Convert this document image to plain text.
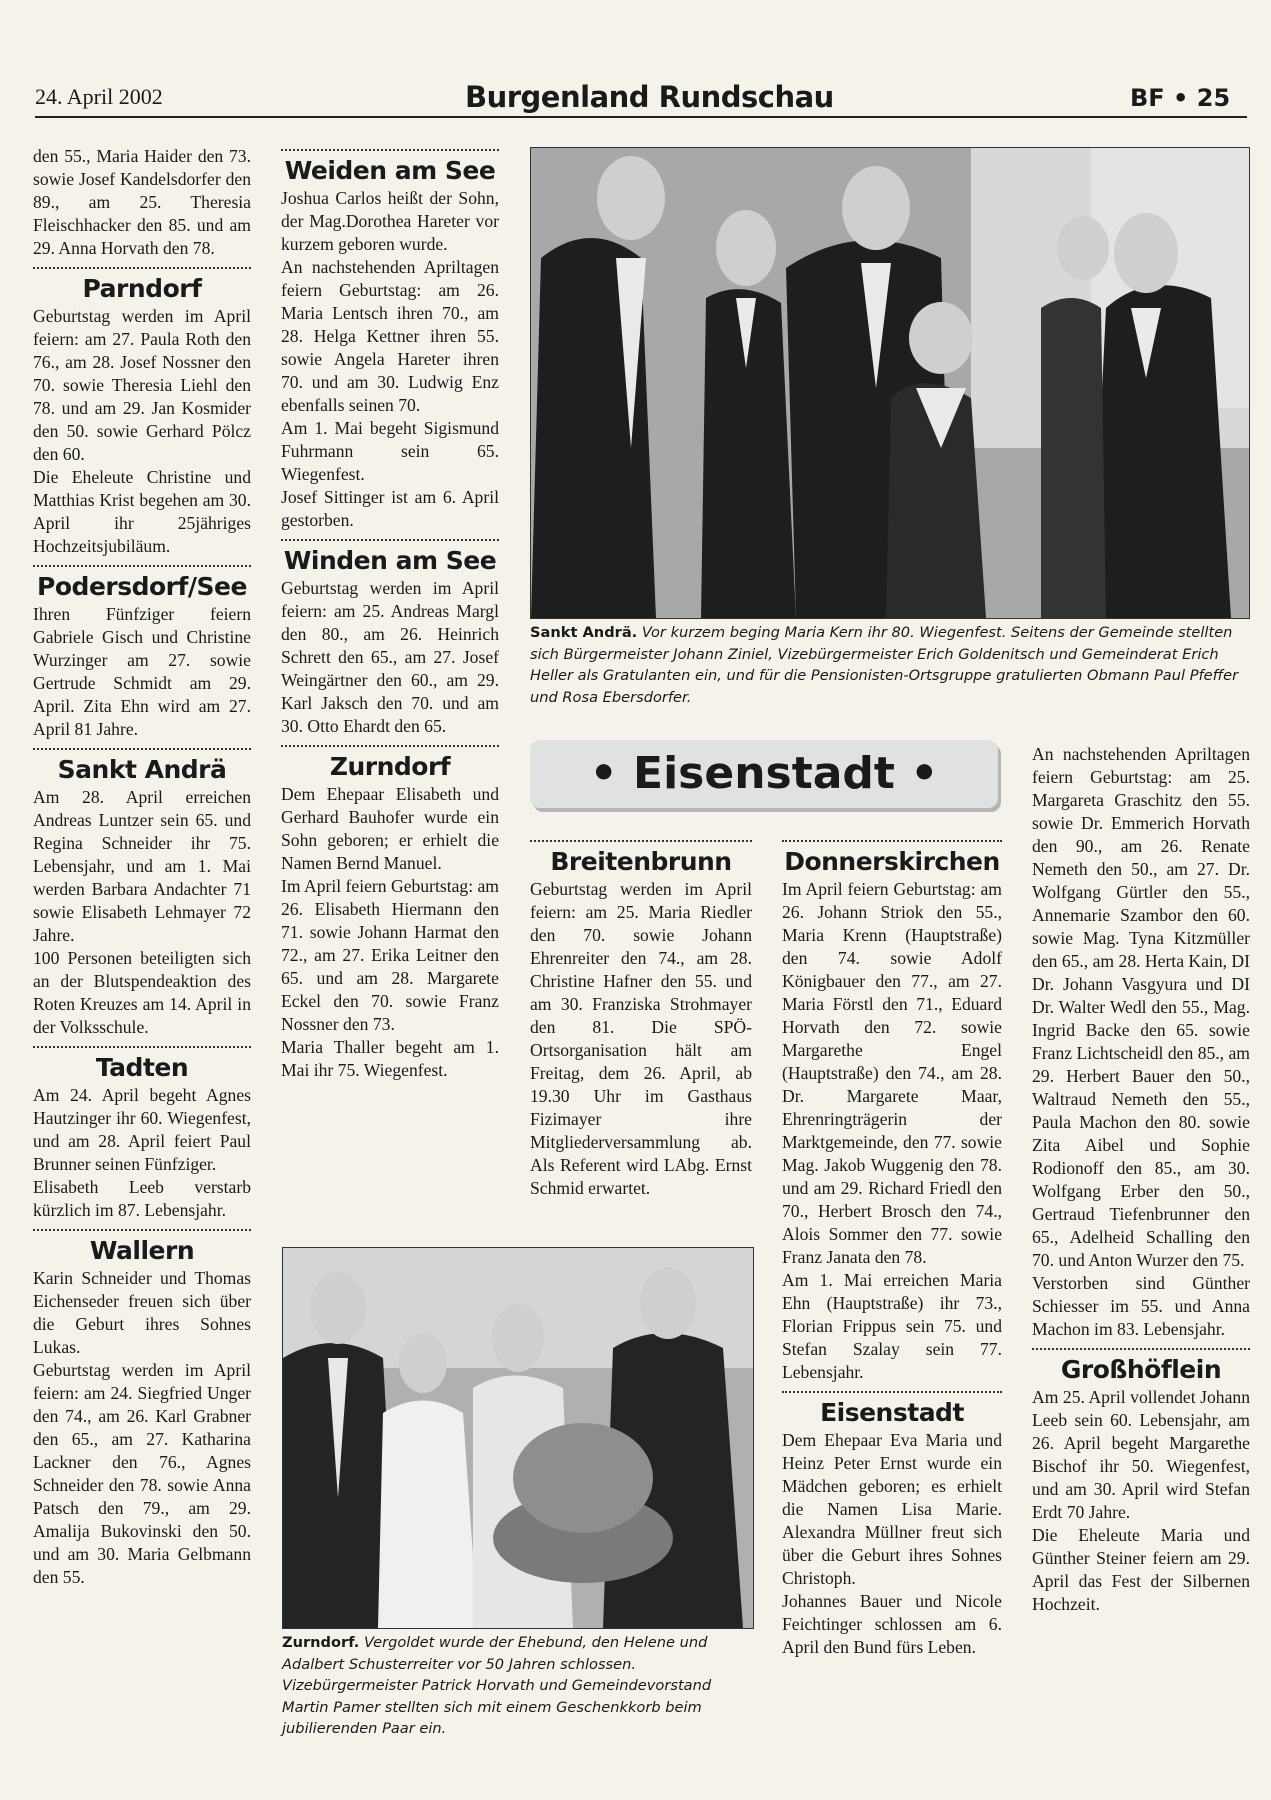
24. April 2002	Burgenland Rundschau	BF • 25

den 55., Maria Haider den 73. sowie Josef Kandelsdorfer den 89., am 25. Theresia Fleischhacker den 85. und am 29. Anna Horvath den 78.

Parndorf

Geburtstag werden im April feiern: am 27. Paula Roth den 76., am 28. Josef Nossner den 70. sowie Theresia Liehl den 78. und am 29. Jan Kosmider den 50. sowie Gerhard Pölcz den 60.

Die Eheleute Christine und Matthias Krist begehen am 30. April ihr 25jähriges Hochzeitsjubiläum.

Podersdorf/See

Ihren Fünfziger feiern Gabriele Gisch und Christine Wurzinger am 27. sowie Gertrude Schmidt am 29. April. Zita Ehn wird am 27. April 81 Jahre.

Sankt Andrä

Am 28. April erreichen Andreas Luntzer sein 65. und Regina Schneider ihr 75. Lebensjahr, und am 1. Mai werden Barbara Andachter 71 sowie Elisabeth Lehmayer 72 Jahre.

100 Personen beteiligten sich an der Blutspendeaktion des Roten Kreuzes am 14. April in der Volksschule.

Tadten

Am 24. April begeht Agnes Hautzinger ihr 60. Wiegenfest, und am 28. April feiert Paul Brunner seinen Fünfziger.

Elisabeth Leeb verstarb kürzlich im 87. Lebensjahr.

Wallern

Karin Schneider und Thomas Eichenseder freuen sich über die Geburt ihres Sohnes Lukas.

Geburtstag werden im April feiern: am 24. Siegfried Unger den 74., am 26. Karl Grabner den 65., am 27. Katharina Lackner den 76., Agnes Schneider den 78. sowie Anna Patsch den 79., am 29. Amalija Bukovinski den 50. und am 30. Maria Gelbmann den 55.

Weiden am See

Joshua Carlos heißt der Sohn, der Mag.Dorothea Hareter vor kurzem geboren wurde.

An nachstehenden Apriltagen feiern Geburtstag: am 26. Maria Lentsch ihren 70., am 28. Helga Kettner ihren 55. sowie Angela Hareter ihren 70. und am 30. Ludwig Enz ebenfalls seinen 70.

Am 1. Mai begeht Sigismund Fuhrmann sein 65. Wiegenfest.

Josef Sittinger ist am 6. April gestorben.

Winden am See

Geburtstag werden im April feiern: am 25. Andreas Margl den 80., am 26. Heinrich Schrett den 65., am 27. Josef Weingärtner den 60., am 29. Karl Jaksch den 70. und am 30. Otto Ehardt den 65.

Zurndorf

Dem Ehepaar Elisabeth und Gerhard Bauhofer wurde ein Sohn geboren; er erhielt die Namen Bernd Manuel.

Im April feiern Geburtstag: am 26. Elisabeth Hiermann den 71. sowie Johann Harmat den 72., am 27. Erika Leitner den 65. und am 28. Margarete Eckel den 70. sowie Franz Nossner den 73.

Maria Thaller begeht am 1. Mai ihr 75. Wiegenfest.

Sankt Andrä. Vor kurzem beging Maria Kern ihr 80. Wiegenfest. Seitens der Gemeinde stellten sich Bürgermeister Johann Ziniel, Vizebürgermeister Erich Goldenitsch und Gemeinderat Erich Heller als Gratulanten ein, und für die Pensionisten-Ortsgruppe gratulierten Obmann Paul Pfeffer und Rosa Ebersdorfer.
• Eisenstadt •
Breitenbrunn

Geburtstag werden im April feiern: am 25. Maria Riedler den 70. sowie Johann Ehrenreiter den 74., am 28. Christine Hafner den 55. und am 30. Franziska Strohmayer den 81. Die SPÖ-Ortsorganisation hält am Freitag, dem 26. April, ab 19.30 Uhr im Gasthaus Fizimayer ihre Mitgliederversammlung ab. Als Referent wird LAbg. Ernst Schmid erwartet.

Donnerskirchen

Im April feiern Geburtstag: am 26. Johann Striok den 55., Maria Krenn (Hauptstraße) den 74. sowie Adolf Königbauer den 77., am 27. Maria Förstl den 71., Eduard Horvath den 72. sowie Margarethe Engel (Hauptstraße) den 74., am 28. Dr. Margarete Maar, Ehrenringträgerin der Marktgemeinde, den 77. sowie Mag. Jakob Wuggenig den 78. und am 29. Richard Friedl den 70., Herbert Brosch den 74., Alois Sommer den 77. sowie Franz Janata den 78.

Am 1. Mai erreichen Maria Ehn (Hauptstraße) ihr 73., Florian Frippus sein 75. und Stefan Szalay sein 77. Lebensjahr.

Eisenstadt

Dem Ehepaar Eva Maria und Heinz Peter Ernst wurde ein Mädchen geboren; es erhielt die Namen Lisa Marie. Alexandra Müllner freut sich über die Geburt ihres Sohnes Christoph.

Johannes Bauer und Nicole Feichtinger schlossen am 6. April den Bund fürs Leben.

An nachstehenden Apriltagen feiern Geburtstag: am 25. Margareta Graschitz den 55. sowie Dr. Emmerich Horvath den 90., am 26. Renate Nemeth den 50., am 27. Dr. Wolfgang Gürtler den 55., Annemarie Szambor den 60. sowie Mag. Tyna Kitzmüller den 65., am 28. Herta Kain, DI Dr. Johann Vasgyura und DI Dr. Walter Wedl den 55., Mag. Ingrid Backe den 65. sowie Franz Lichtscheidl den 85., am 29. Herbert Bauer den 50., Waltraud Nemeth den 55., Paula Machon den 80. sowie Zita Aibel und Sophie Rodionoff den 85., am 30. Wolfgang Erber den 50., Gertraud Tiefenbrunner den 65., Adelheid Schalling den 70. und Anton Wurzer den 75.

Verstorben sind Günther Schiesser im 55. und Anna Machon im 83. Lebensjahr.

Großhöflein

Am 25. April vollendet Johann Leeb sein 60. Lebensjahr, am 26. April begeht Margarethe Bischof ihr 50. Wiegenfest, und am 30. April wird Stefan Erdt 70 Jahre.

Die Eheleute Maria und Günther Steiner feiern am 29. April das Fest der Silbernen Hochzeit.

Zurndorf. Vergoldet wurde der Ehebund, den Helene und Adalbert Schusterreiter vor 50 Jahren schlossen. Vizebürgermeister Patrick Horvath und Gemeindevorstand Martin Pamer stellten sich mit einem Geschenkkorb beim jubilierenden Paar ein.
